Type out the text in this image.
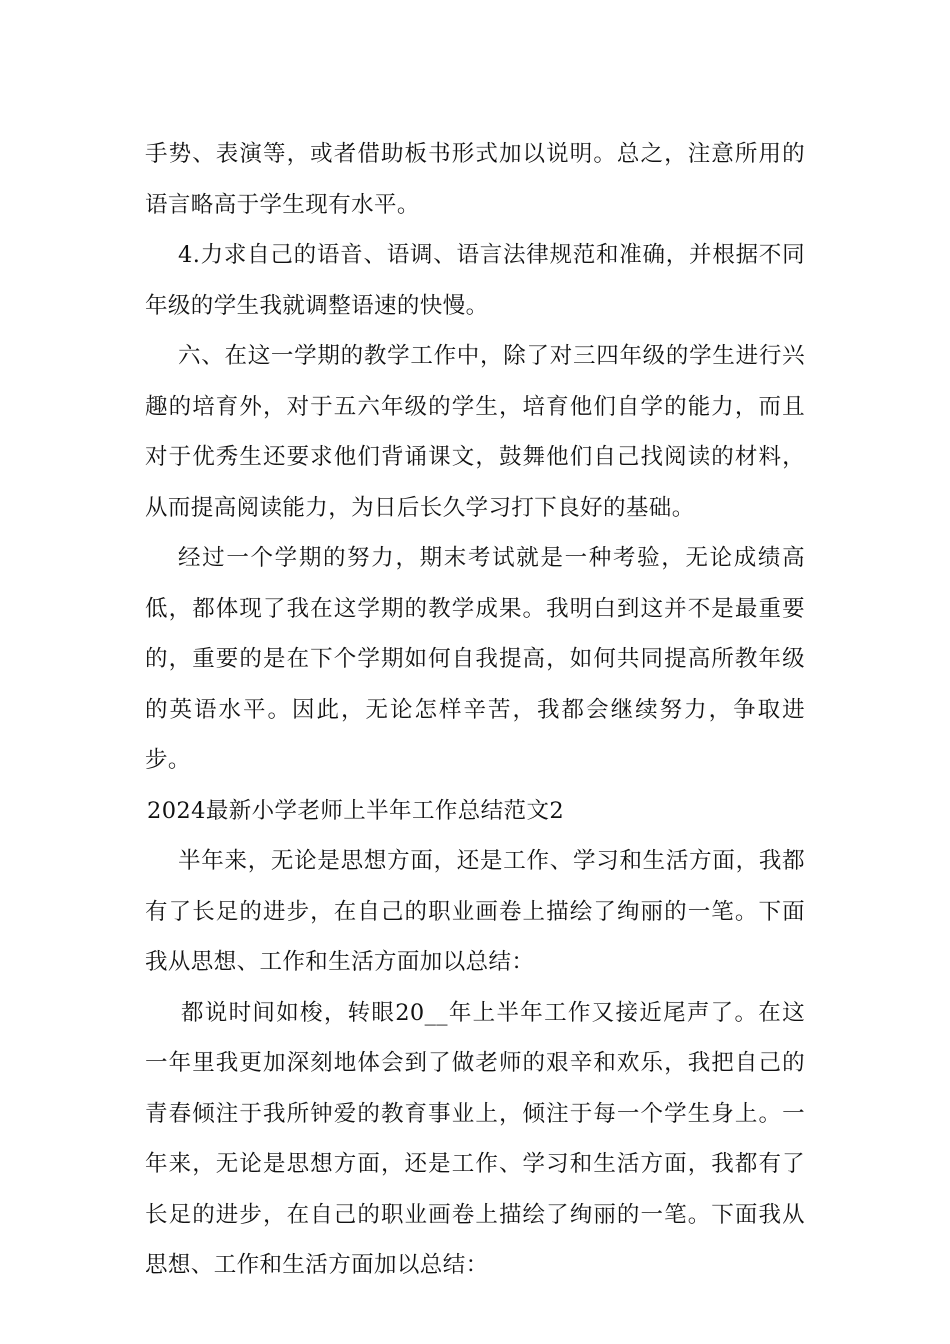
手势、表演等，或者借助板书形式加以说明。总之，注意所用的语言略高于学生现有水平。

4.力求自己的语音、语调、语言法律规范和准确，并根据不同年级的学生我就调整语速的快慢。

六、在这一学期的教学工作中，除了对三四年级的学生进行兴趣的培育外，对于五六年级的学生，培育他们自学的能力，而且对于优秀生还要求他们背诵课文，鼓舞他们自己找阅读的材料，从而提高阅读能力，为日后长久学习打下良好的基础。

经过一个学期的努力，期末考试就是一种考验，无论成绩高低，都体现了我在这学期的教学成果。我明白到这并不是最重要的，重要的是在下个学期如何自我提高，如何共同提高所教年级的英语水平。因此，无论怎样辛苦，我都会继续努力，争取进步。

2024最新小学老师上半年工作总结范文2

半年来，无论是思想方面，还是工作、学习和生活方面，我都有了长足的进步，在自己的职业画卷上描绘了绚丽的一笔。下面我从思想、工作和生活方面加以总结：

都说时间如梭，转眼20__年上半年工作又接近尾声了。在这一年里我更加深刻地体会到了做老师的艰辛和欢乐，我把自己的青春倾注于我所钟爱的教育事业上，倾注于每一个学生身上。一年来，无论是思想方面，还是工作、学习和生活方面，我都有了长足的进步，在自己的职业画卷上描绘了绚丽的一笔。下面我从思想、工作和生活方面加以总结：
